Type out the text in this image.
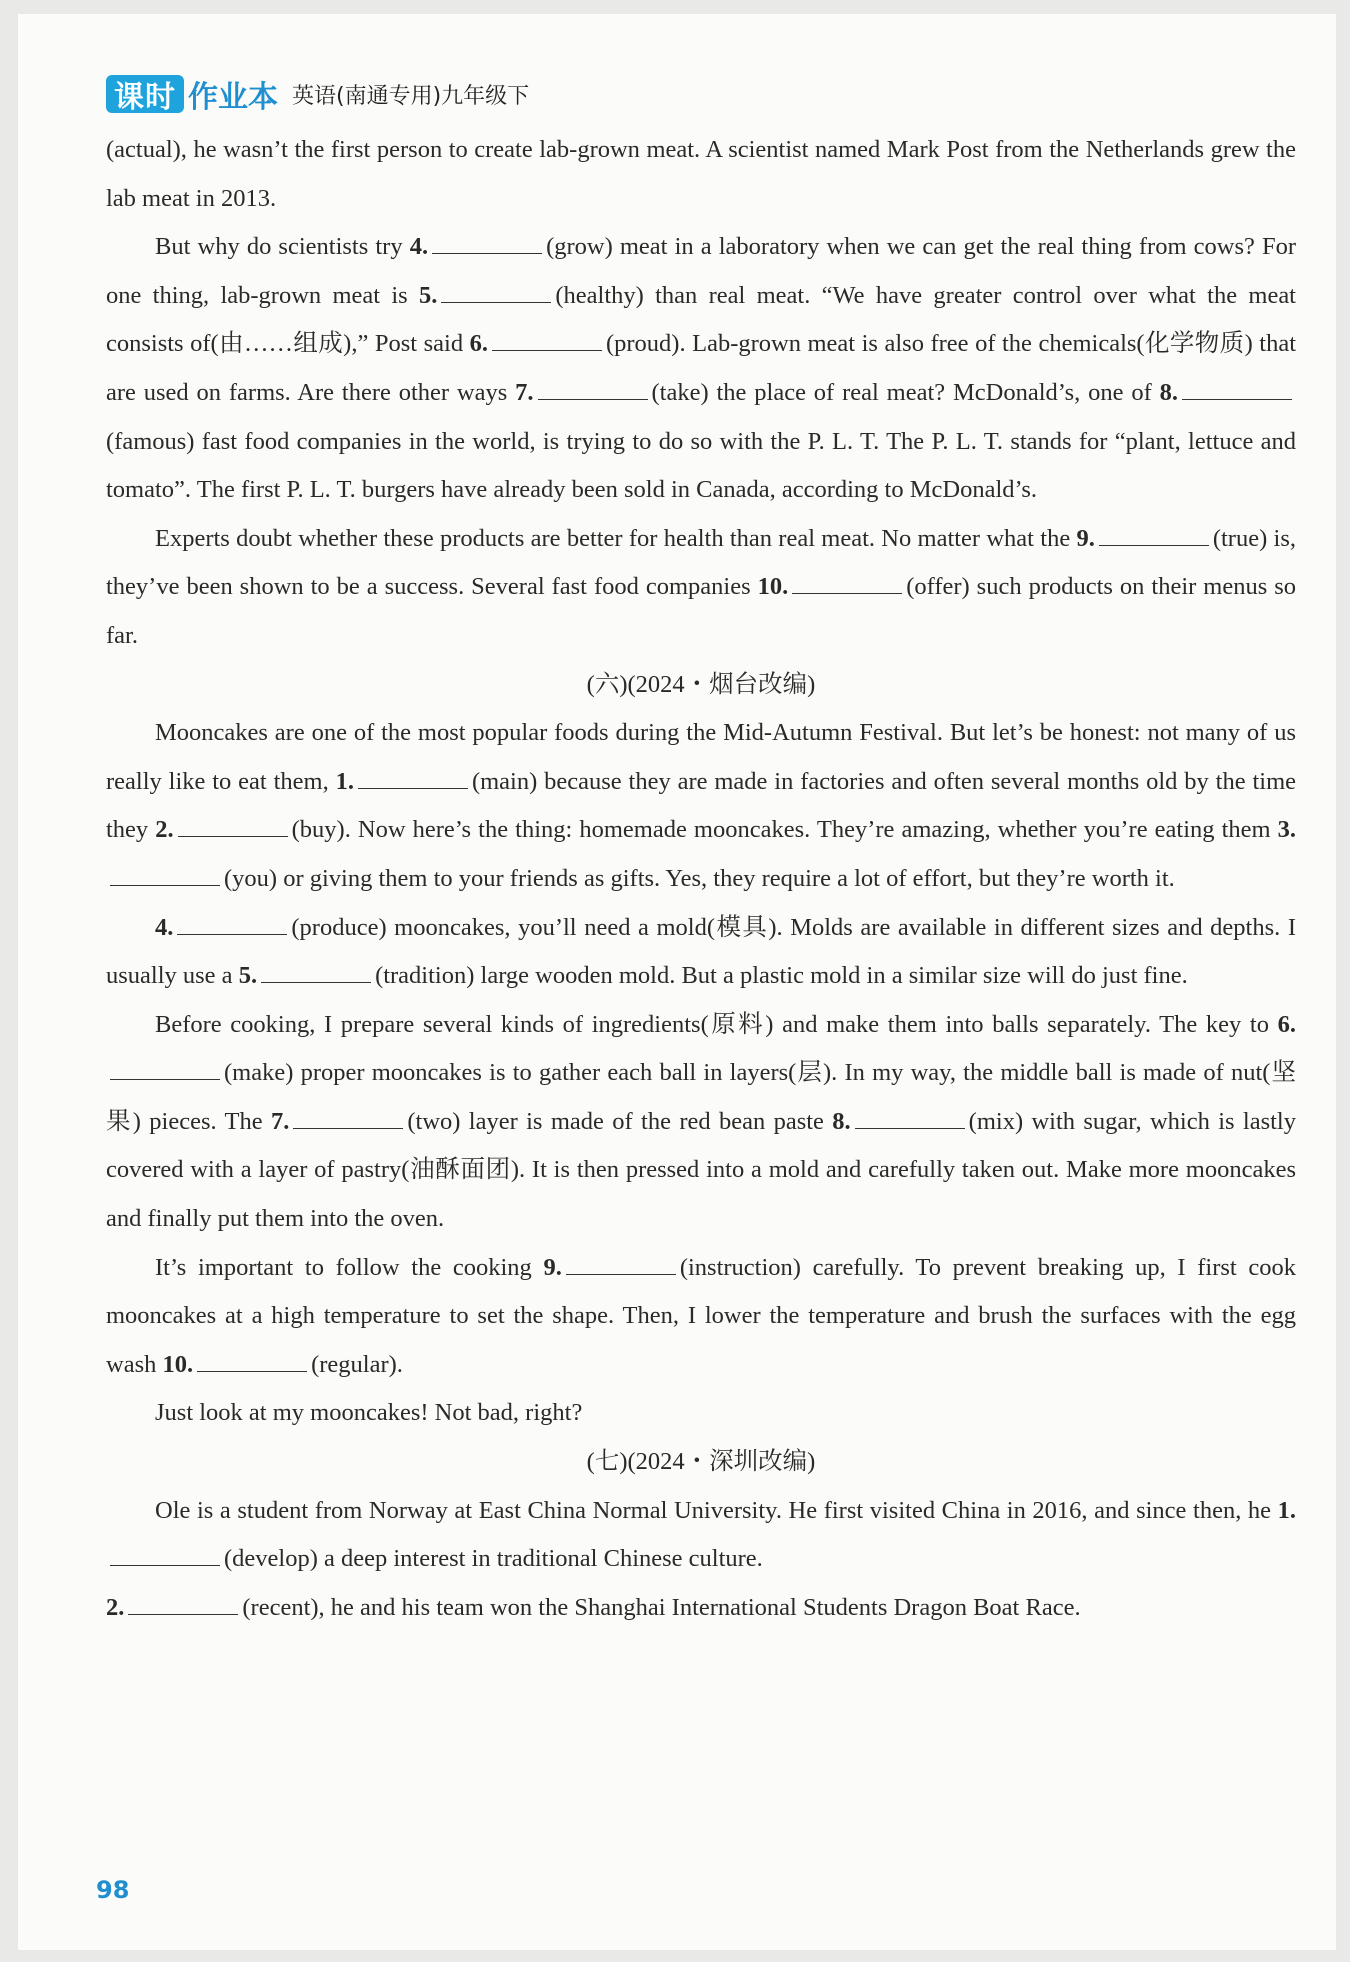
课时 作业本 英语(南通专用)九年级下

(actual), he wasn’t the first person to create lab-grown meat. A scientist named Mark Post from the Netherlands grew the lab meat in 2013.

But why do scientists try 4.	(grow) meat in a laboratory when we can get the real thing from cows? For one thing, lab-grown meat is 5.	(healthy) than real meat. “We have greater control over what the meat consists of(由……组成),” Post said 6.	(proud). Lab-grown meat is also free of the chemicals(化学物质) that are used on farms. Are there other ways 7.	(take) the place of real meat? McDonald’s, one of 8.(famous) fast food companies in the world, is trying to do so with the P. L. T. The P. L. T. stands for “plant, lettuce and tomato”. The first P. L. T. burgers have already been sold in Canada, according to McDonald’s.

Experts doubt whether these products are better for health than real meat. No matter what the 9.	(true) is, they’ve been shown to be a success. Several fast food companies 10.	(offer) such products on their menus so far.

(六)(2024・烟台改编)

Mooncakes are one of the most popular foods during the Mid-Autumn Festival. But let’s be honest: not many of us really like to eat them, 1.	(main) because they are made in factories and often several months old by the time they 2.	(buy). Now here’s the thing: homemade mooncakes. They’re amazing, whether you’re eating them 3.(you) or giving them to your friends as gifts. Yes, they require a lot of effort, but they’re worth it.

4.	(produce) mooncakes, you’ll need a mold(模具). Molds are available in different sizes and depths. I usually use a 5.	(tradition) large wooden mold. But a plastic mold in a similar size will do just fine.

Before cooking, I prepare several kinds of ingredients(原料) and make them into balls separately. The key to 6.(make) proper mooncakes is to gather each ball in layers(层). In my way, the middle ball is made of nut(坚果) pieces. The 7.	(two) layer is made of the red bean paste 8.	(mix) with sugar, which is lastly covered with a layer of pastry(油酥面团). It is then pressed into a mold and carefully taken out. Make more mooncakes and finally put them into the oven.

It’s important to follow the cooking 9.	(instruction) carefully. To prevent breaking up, I first cook mooncakes at a high temperature to set the shape. Then, I lower the temperature and brush the surfaces with the egg wash 10.	(regular).

Just look at my mooncakes! Not bad, right?

(七)(2024・深圳改编)

Ole is a student from Norway at East China Normal University. He first visited China in 2016, and since then, he 1.(develop) a deep interest in traditional Chinese culture.

2.	(recent), he and his team won the Shanghai International Students Dragon Boat Race.

98
